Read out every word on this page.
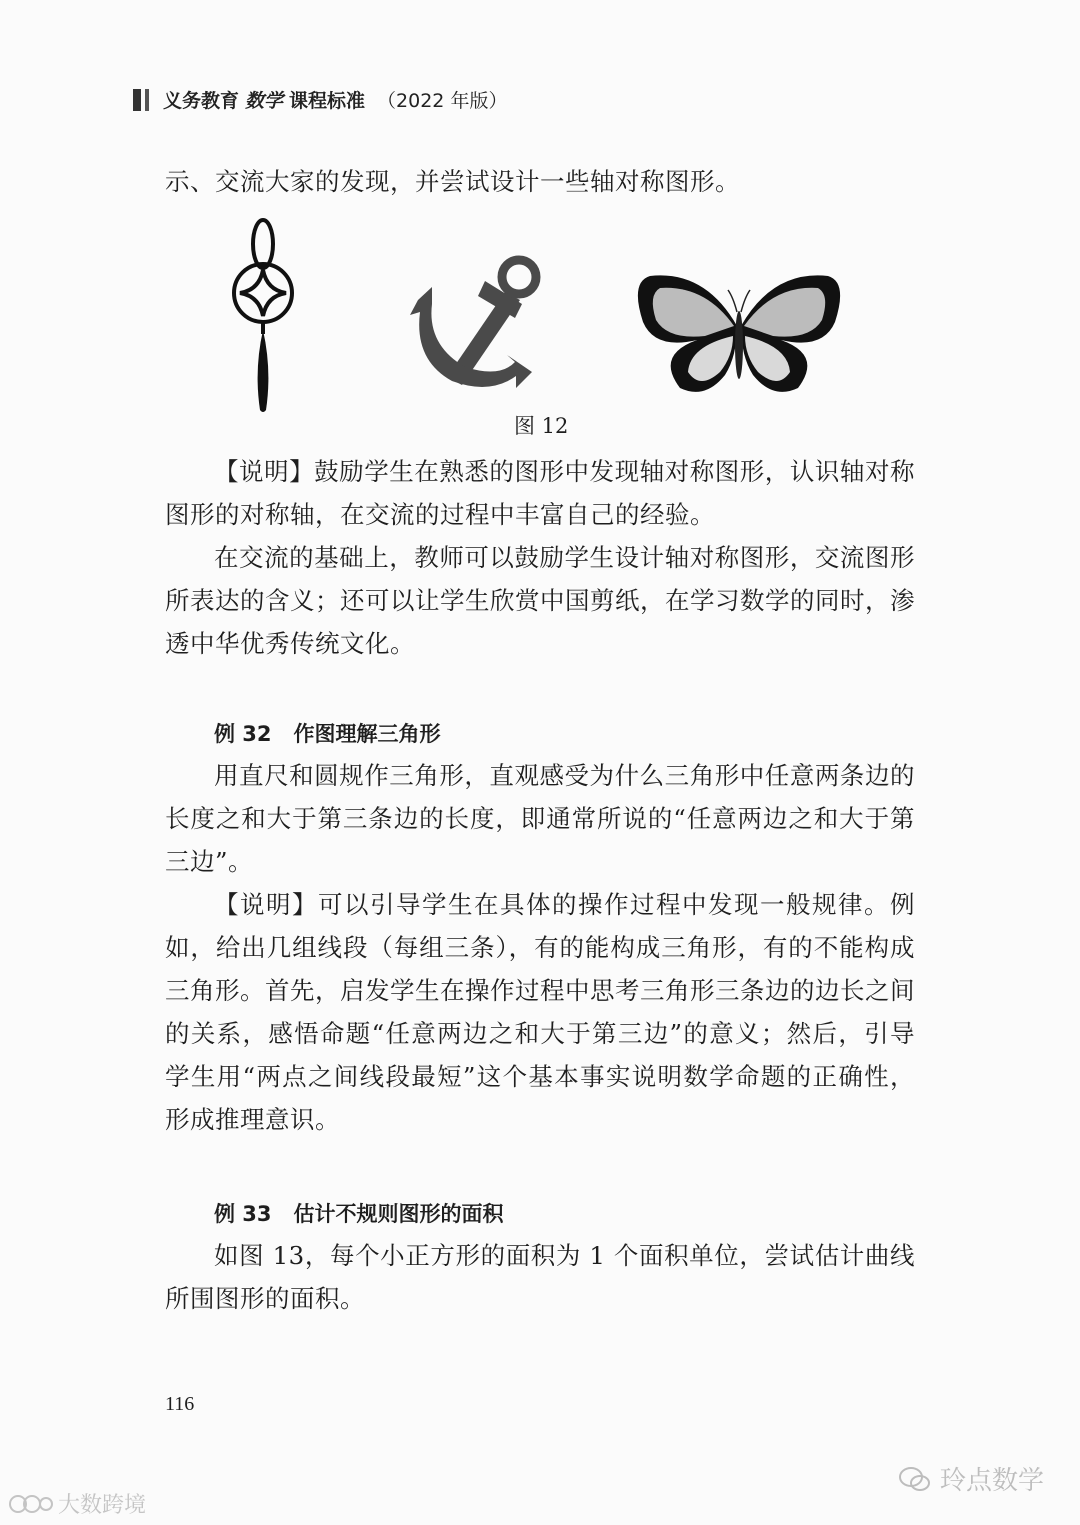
义务教育 数学 课程标准 （2022 年版）

示、交流大家的发现，并尝试设计一些轴对称图形。

图 12

【说明】鼓励学生在熟悉的图形中发现轴对称图形，认识轴对称图形的对称轴，在交流的过程中丰富自己的经验。

在交流的基础上，教师可以鼓励学生设计轴对称图形，交流图形所表达的含义；还可以让学生欣赏中国剪纸，在学习数学的同时，渗透中华优秀传统文化。

例 32 作图理解三角形

用直尺和圆规作三角形，直观感受为什么三角形中任意两条边的长度之和大于第三条边的长度，即通常所说的“任意两边之和大于第三边”。

【说明】可以引导学生在具体的操作过程中发现一般规律。例如，给出几组线段（每组三条），有的能构成三角形，有的不能构成三角形。首先，启发学生在操作过程中思考三角形三条边的边长之间的关系，感悟命题“任意两边之和大于第三边”的意义；然后，引导学生用“两点之间线段最短”这个基本事实说明数学命题的正确性，形成推理意识。

例 33 估计不规则图形的面积

如图 13，每个小正方形的面积为 1 个面积单位，尝试估计曲线所围图形的面积。

116
玲点数学
大数跨境
